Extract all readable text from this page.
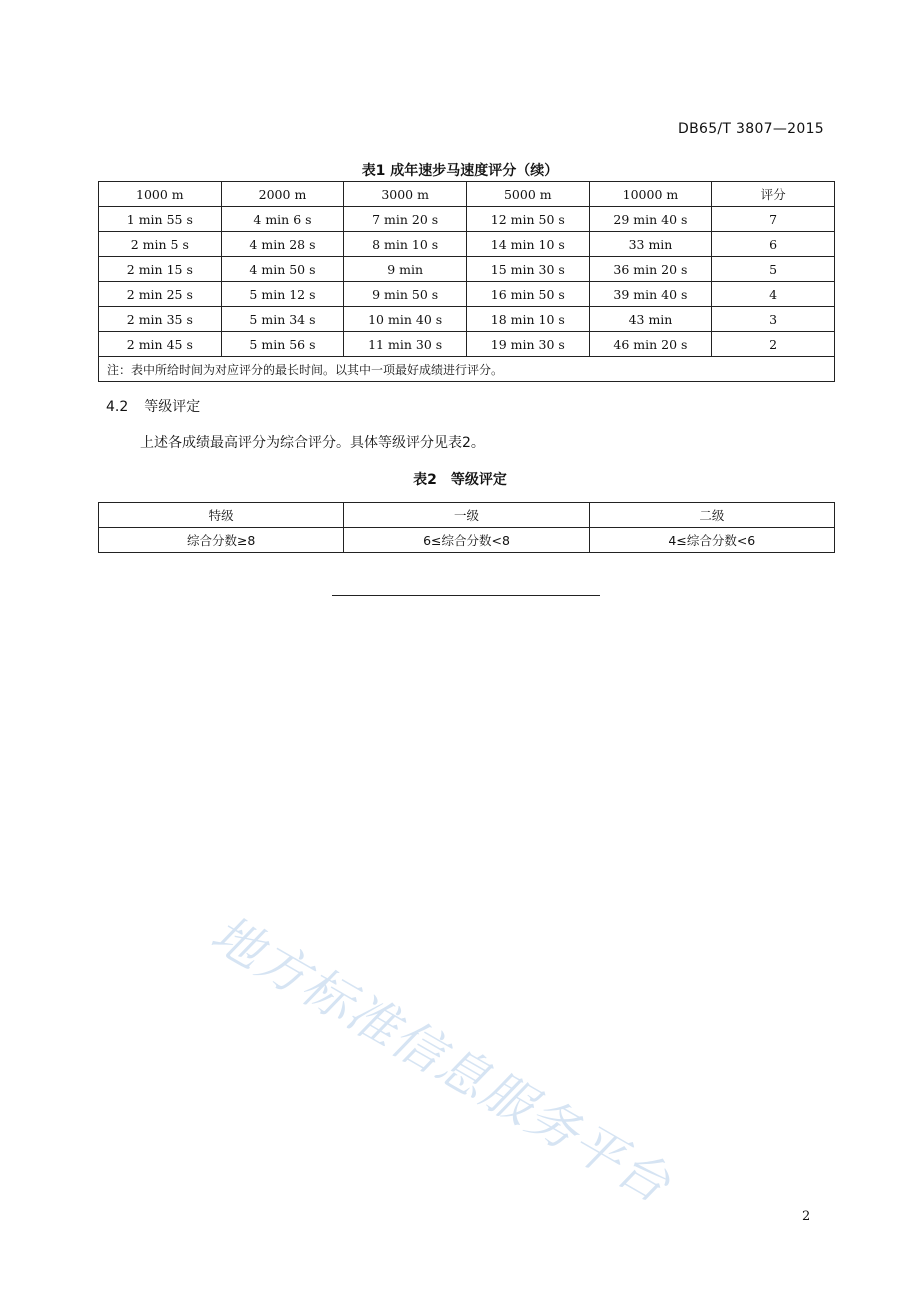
DB65/T 3807—2015
表1 成年速步马速度评分（续）
1000 m	2000 m	3000 m	5000 m	10000 m	评分
1 min 55 s	4 min 6 s	7 min 20 s	12 min 50 s	29 min 40 s	7
2 min 5 s	4 min 28 s	8 min 10 s	14 min 10 s	33 min	6
2 min 15 s	4 min 50 s	9 min	15 min 30 s	36 min 20 s	5
2 min 25 s	5 min 12 s	9 min 50 s	16 min 50 s	39 min 40 s	4
2 min 35 s	5 min 34 s	10 min 40 s	18 min 10 s	43 min	3
2 min 45 s	5 min 56 s	11 min 30 s	19 min 30 s	46 min 20 s	2
注：表中所给时间为对应评分的最长时间。以其中一项最好成绩进行评分。					
4.2 等级评定
上述各成绩最高评分为综合评分。具体等级评分见表2。
表2　等级评定
特级	一级	二级
综合分数≥8	6≤综合分数<8	4≤综合分数<6
地方标准信息服务平台
2
